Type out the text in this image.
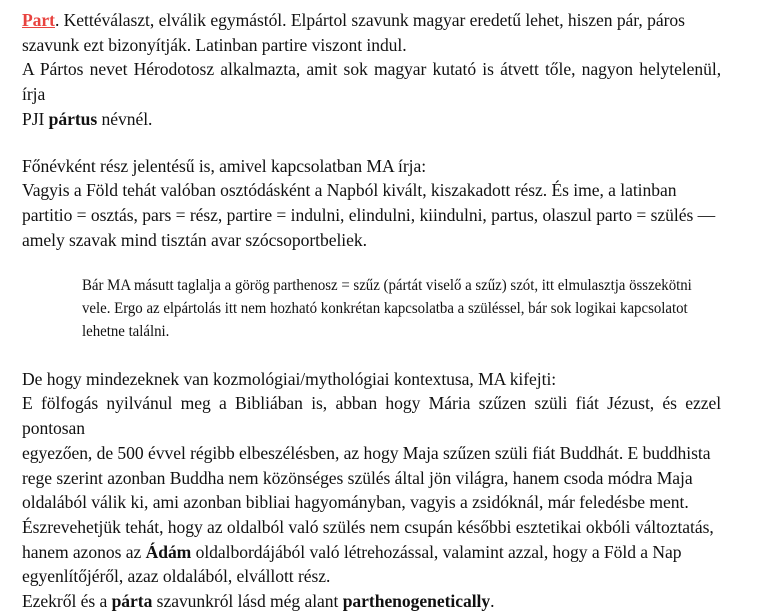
Part. Kettéválaszt, elválik egymástól. Elpártol szavunk magyar eredetű lehet, hiszen pár, páros
szavunk ezt bizonyítják. Latinban partire viszont indul.
A Pártos nevet Hérodotosz alkalmazta, amit sok magyar kutató is átvett tőle, nagyon helytelenül, írja
PJI pártus névnél.
Főnévként rész jelentésű is, amivel kapcsolatban MA írja:
Vagyis a Föld tehát valóban osztódásként a Napból kivált, kiszakadott rész. És ime, a latinban
partitio = osztás, pars = rész, partire = indulni, elindulni, kiindulni, partus, olaszul parto = szülés —
amely szavak mind tisztán avar szócsoportbeliek.
Bár MA másutt taglalja a görög parthenosz = szűz (pártát viselő a szűz) szót, itt elmulasztja összekötni
vele. Ergo az elpártolás itt nem hozható konkrétan kapcsolatba a szüléssel, bár sok logikai kapcsolatot
lehetne találni.
De hogy mindezeknek van kozmológiai/mythológiai kontextusa, MA kifejti:
E fölfogás nyilvánul meg a Bibliában is, abban hogy Mária szűzen szüli fiát Jézust, és ezzel pontosan
egyezően, de 500 évvel régibb elbeszélésben, az hogy Maja szűzen szüli fiát Buddhát. E buddhista
rege szerint azonban Buddha nem közönséges szülés által jön világra, hanem csoda módra Maja
oldalából válik ki, ami azonban bibliai hagyományban, vagyis a zsidóknál, már feledésbe ment.
Észrevehetjük tehát, hogy az oldalból való szülés nem csupán későbbi esztetikai okbóli változtatás,
hanem azonos az Ádám oldalbordájából való létrehozással, valamint azzal, hogy a Föld a Nap
egyenlítőjéről, azaz oldalából, elvállott rész.
Ezekről és a párta szavunkról lásd még alant parthenogenetically.
